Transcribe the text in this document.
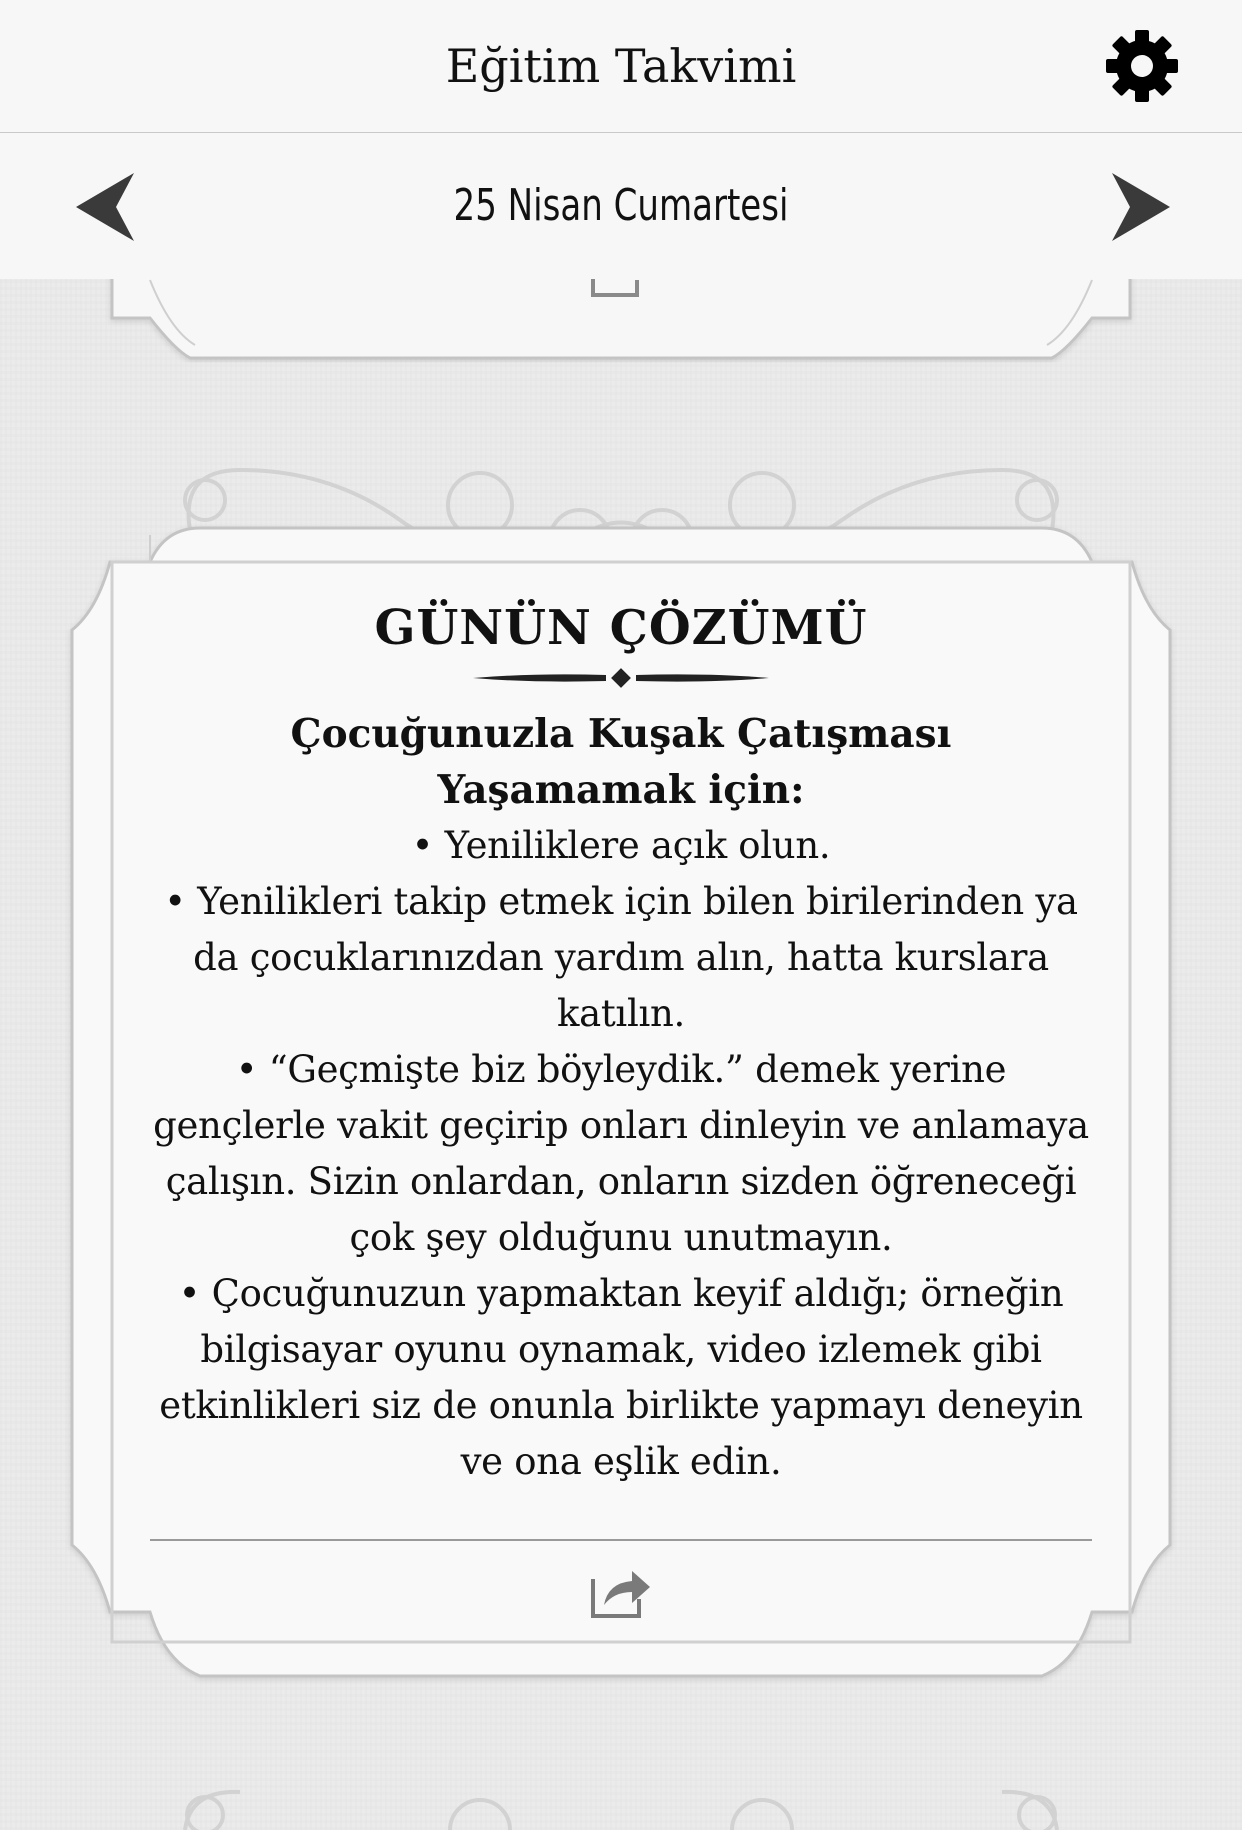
Eğitim Takvimi
25 Nisan Cumartesi
GÜNÜN ÇÖZÜMÜ

Çocuğunuzla Kuşak Çatışması

Yaşamamak için:

• Yeniliklere açık olun.
• Yenilikleri takip etmek için bilen birilerinden ya
da çocuklarınızdan yardım alın, hatta kurslara
katılın.
• “Geçmişte biz böyleydik.” demek yerine
gençlerle vakit geçirip onları dinleyin ve anlamaya
çalışın. Sizin onlardan, onların sizden öğreneceği
çok şey olduğunu unutmayın.
• Çocuğunuzun yapmaktan keyif aldığı; örneğin
bilgisayar oyunu oynamak, video izlemek gibi
etkinlikleri siz de onunla birlikte yapmayı deneyin
ve ona eşlik edin.
